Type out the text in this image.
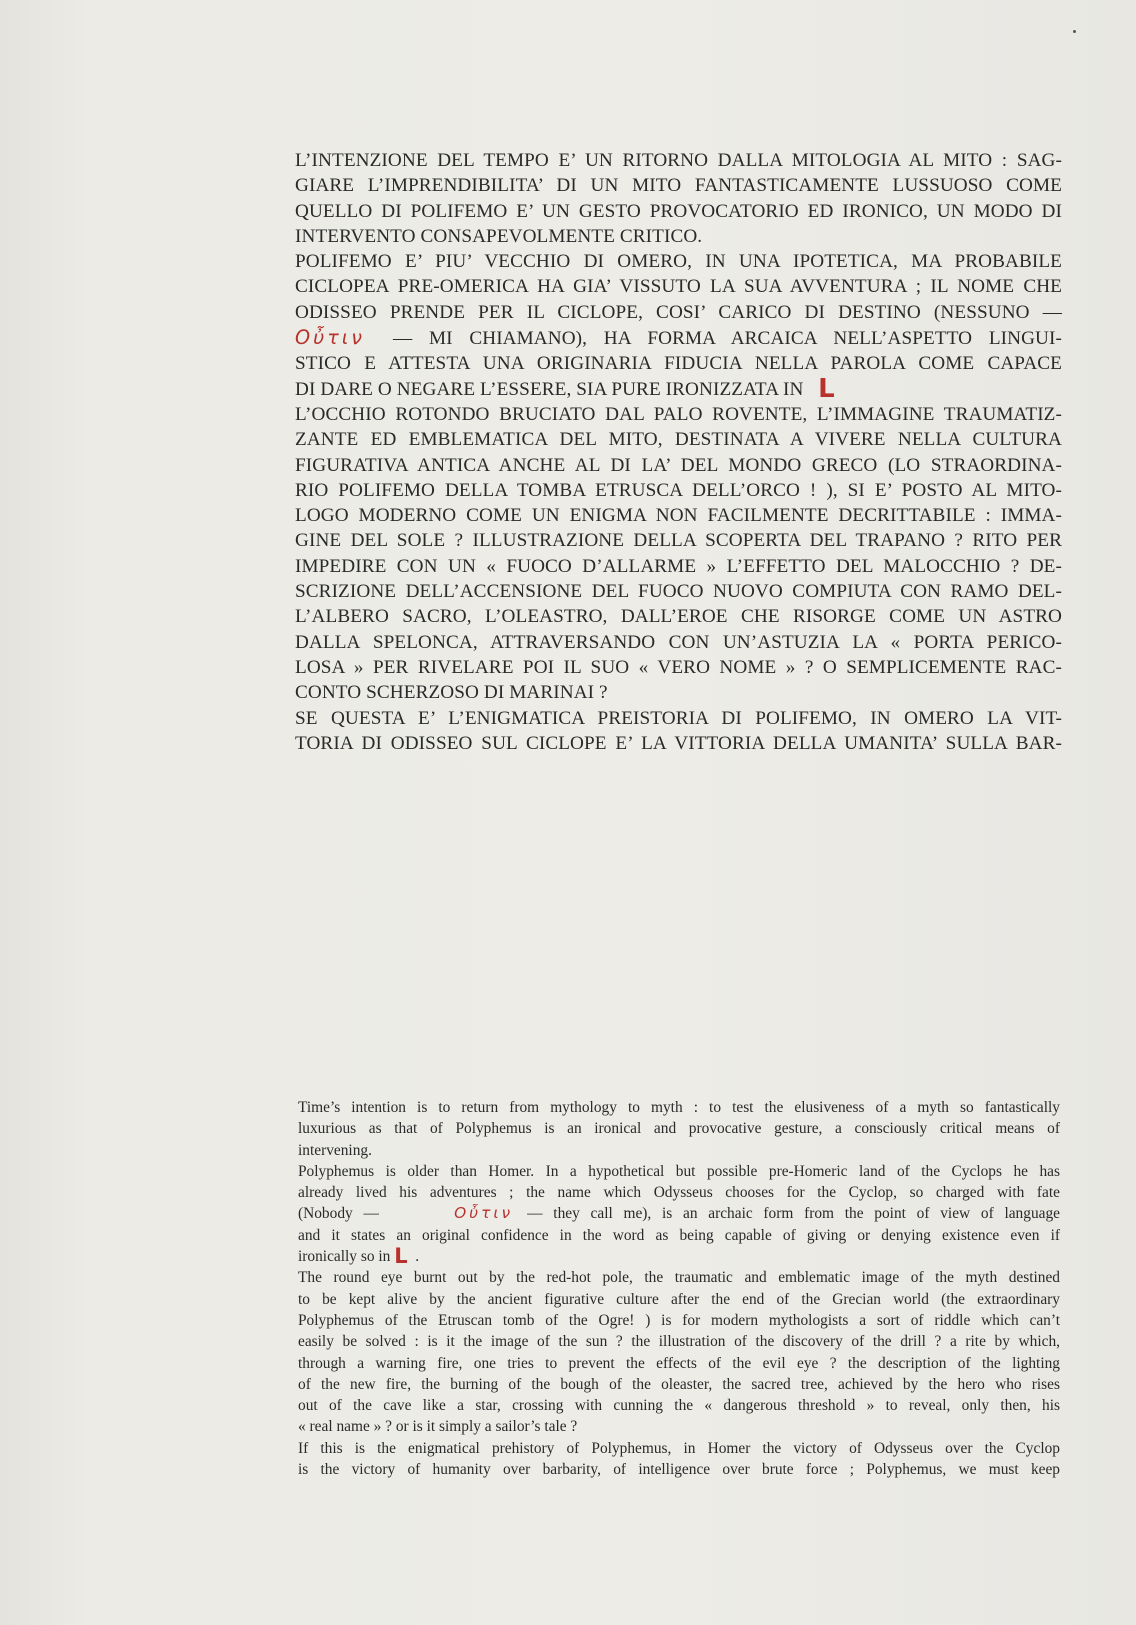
L’INTENZIONE DEL TEMPO E’ UN RITORNO DALLA MITOLOGIA AL MITO : SAG-
GIARE L’IMPRENDIBILITA’ DI UN MITO FANTASTICAMENTE LUSSUOSO COME
QUELLO DI POLIFEMO E’ UN GESTO PROVOCATORIO ED IRONICO, UN MODO DI
INTERVENTO CONSAPEVOLMENTE CRITICO.
POLIFEMO E’ PIU’ VECCHIO DI OMERO, IN UNA IPOTETICA, MA PROBABILE
CICLOPEA PRE-OMERICA HA GIA’ VISSUTO LA SUA AVVENTURA ; IL NOME CHE
ODISSEO PRENDE PER IL CICLOPE, COSI’ CARICO DI DESTINO (NESSUNO —
Oὖτιν — MI CHIAMANO), HA FORMA ARCAICA NELL’ASPETTO LINGUI-
STICO E ATTESTA UNA ORIGINARIA FIDUCIA NELLA PAROLA COME CAPACE
DI DARE O NEGARE L’ESSERE, SIA PURE IRONIZZATA IN L
L’OCCHIO ROTONDO BRUCIATO DAL PALO ROVENTE, L’IMMAGINE TRAUMATIZ-
ZANTE ED EMBLEMATICA DEL MITO, DESTINATA A VIVERE NELLA CULTURA
FIGURATIVA ANTICA ANCHE AL DI LA’ DEL MONDO GRECO (LO STRAORDINA-
RIO POLIFEMO DELLA TOMBA ETRUSCA DELL’ORCO ! ), SI E’ POSTO AL MITO-
LOGO MODERNO COME UN ENIGMA NON FACILMENTE DECRITTABILE : IMMA-
GINE DEL SOLE ? ILLUSTRAZIONE DELLA SCOPERTA DEL TRAPANO ? RITO PER
IMPEDIRE CON UN « FUOCO D’ALLARME » L’EFFETTO DEL MALOCCHIO ? DE-
SCRIZIONE DELL’ACCENSIONE DEL FUOCO NUOVO COMPIUTA CON RAMO DEL-
L’ALBERO SACRO, L’OLEASTRO, DALL’EROE CHE RISORGE COME UN ASTRO
DALLA SPELONCA, ATTRAVERSANDO CON UN’ASTUZIA LA « PORTA PERICO-
LOSA » PER RIVELARE POI IL SUO « VERO NOME » ? O SEMPLICEMENTE RAC-
CONTO SCHERZOSO DI MARINAI ?
SE QUESTA E’ L’ENIGMATICA PREISTORIA DI POLIFEMO, IN OMERO LA VIT-
TORIA DI ODISSEO SUL CICLOPE E’ LA VITTORIA DELLA UMANITA’ SULLA BAR-
Time’s intention is to return from mythology to myth : to test the elusiveness of a myth so fantastically
luxurious as that of Polyphemus is an ironical and provocative gesture, a consciously critical means of
intervening.
Polyphemus is older than Homer. In a hypothetical but possible pre-Homeric land of the Cyclops he has
already lived his adventures ; the name which Odysseus chooses for the Cyclop, so charged with fate
(Nobody —	Oὖτιν — they call me), is an archaic form from the point of view of language
and it states an original confidence in the word as being capable of giving or denying existence even if
ironically so in L .
The round eye burnt out by the red-hot pole, the traumatic and emblematic image of the myth destined
to be kept alive by the ancient figurative culture after the end of the Grecian world (the extraordinary
Polyphemus of the Etruscan tomb of the Ogre! ) is for modern mythologists a sort of riddle which can’t
easily be solved : is it the image of the sun ? the illustration of the discovery of the drill ? a rite by which,
through a warning fire, one tries to prevent the effects of the evil eye ? the description of the lighting
of the new fire, the burning of the bough of the oleaster, the sacred tree, achieved by the hero who rises
out of the cave like a star, crossing with cunning the « dangerous threshold » to reveal, only then, his
« real name » ? or is it simply a sailor’s tale ?
If this is the enigmatical prehistory of Polyphemus, in Homer the victory of Odysseus over the Cyclop
is the victory of humanity over barbarity, of intelligence over brute force ; Polyphemus, we must keep
